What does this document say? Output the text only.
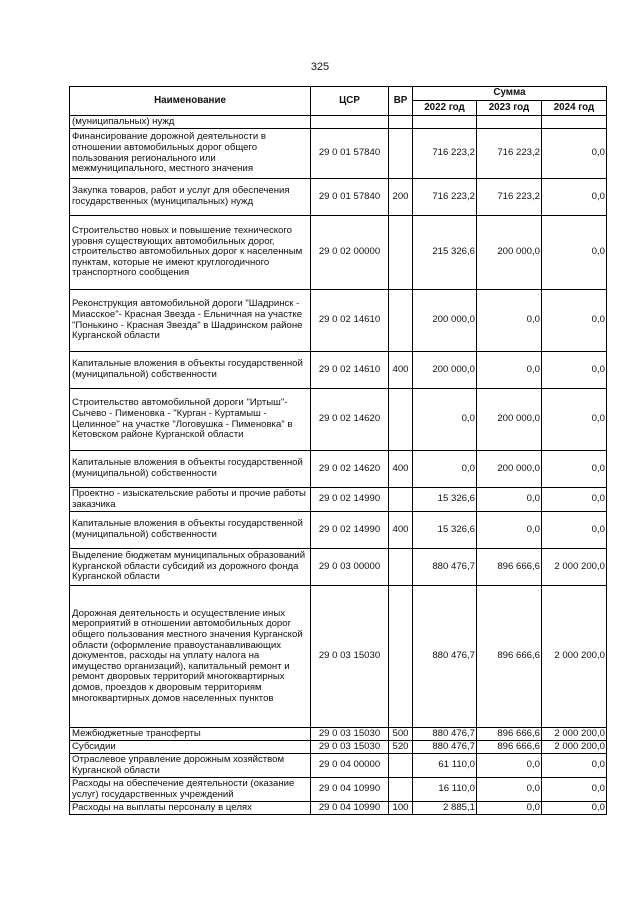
325
Наименование	ЦСР	ВР	Сумма		
			2022 год	2023 год	2024 год
(муниципальных) нужд					
Финансирование дорожной деятельности в отношении автомобильных дорог общего пользования регионального или межмуниципального, местного значения	29 0 01 57840		716 223,2	716 223,2	0,0
Закупка товаров, работ и услуг для обеспечения государственных (муниципальных) нужд	29 0 01 57840	200	716 223,2	716 223,2	0,0
Строительство новых и повышение технического уровня существующих автомобильных дорог, строительство автомобильных дорог к населенным пунктам, которые не имеют круглогодичного транспортного сообщения	29 0 02 00000		215 326,6	200 000,0	0,0
Реконструкция автомобильной дороги "Шадринск - Миасское"- Красная Звезда - Ельничная на участке "Понькино - Красная Звезда" в Шадринском районе Курганской области	29 0 02 14610		200 000,0	0,0	0,0
Капитальные вложения в объекты государственной (муниципальной) собственности	29 0 02 14610	400	200 000,0	0,0	0,0
Строительство автомобильной дороги "Иртыш"- Сычево - Пименовка - "Курган - Куртамыш - Целинное" на участке "Логовушка - Пименовка" в Кетовском районе Курганской области	29 0 02 14620		0,0	200 000,0	0,0
Капитальные вложения в объекты государственной (муниципальной) собственности	29 0 02 14620	400	0,0	200 000,0	0,0
Проектно - изыскательские работы и прочие работы заказчика	29 0 02 14990		15 326,6	0,0	0,0
Капитальные вложения в объекты государственной (муниципальной) собственности	29 0 02 14990	400	15 326,6	0,0	0,0
Выделение бюджетам муниципальных образований Курганской области субсидий из дорожного фонда Курганской области	29 0 03 00000		880 476,7	896 666,6	2 000 200,0
Дорожная деятельность и осуществление иных мероприятий в отношении автомобильных дорог общего пользования местного значения Курганской области (оформление правоустанавливающих документов, расходы на уплату налога на имущество организаций), капитальный ремонт и ремонт дворовых территорий многоквартирных домов, проездов к дворовым территориям многоквартирных домов населенных пунктов	29 0 03 15030		880 476,7	896 666,6	2 000 200,0
Межбюджетные трансферты	29 0 03 15030	500	880 476,7	896 666,6	2 000 200,0
Субсидии	29 0 03 15030	520	880 476,7	896 666,6	2 000 200,0
Отраслевое управление дорожным хозяйством Курганской области	29 0 04 00000		61 110,0	0,0	0,0
Расходы на обеспечение деятельности (оказание услуг) государственных учреждений	29 0 04 10990		16 110,0	0,0	0,0
Расходы на выплаты персоналу в целях	29 0 04 10990	100	2 885,1	0,0	0,0
